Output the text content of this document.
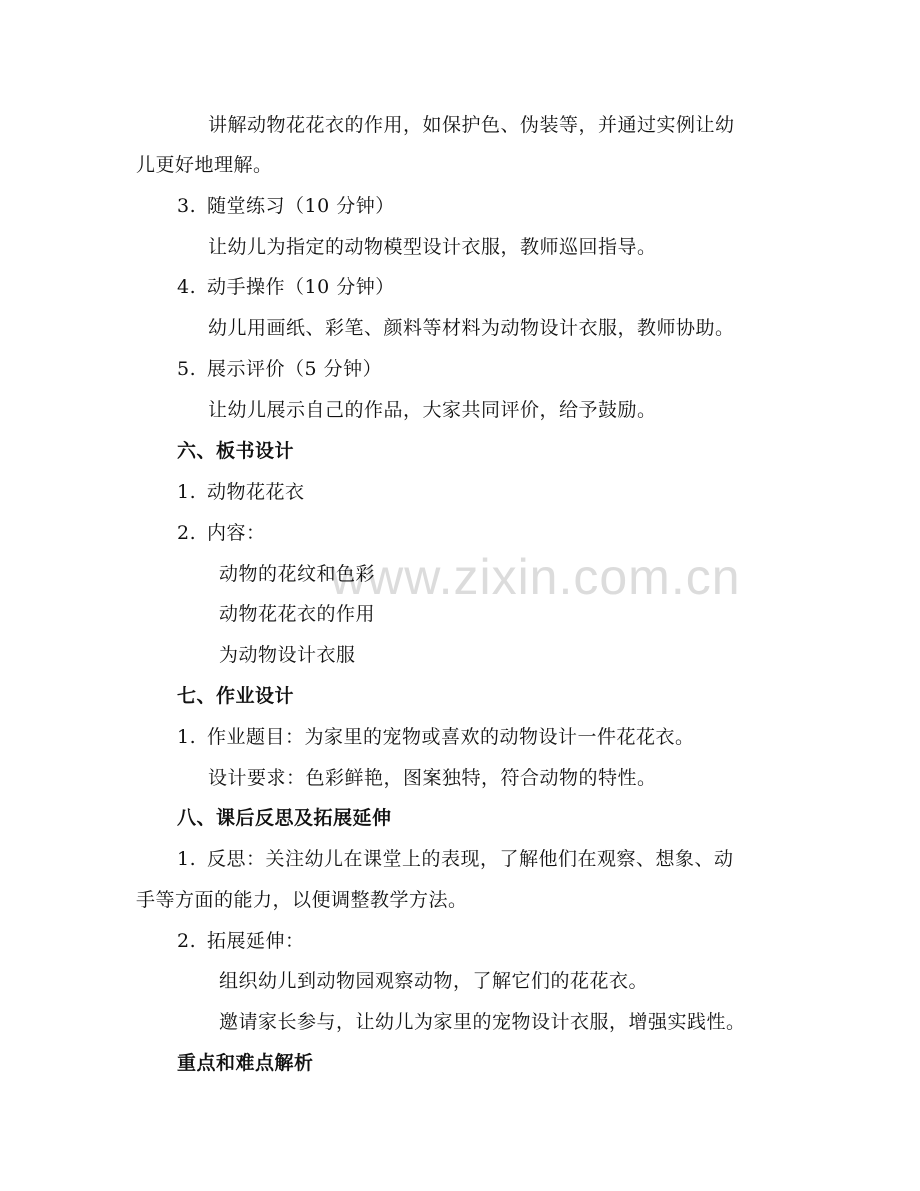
www.zixin.com.cn
讲解动物花花衣的作用，如保护色、伪装等，并通过实例让幼
儿更好地理解。
3. 随堂练习（10 分钟）
让幼儿为指定的动物模型设计衣服，教师巡回指导。
4. 动手操作（10 分钟）
幼儿用画纸、彩笔、颜料等材料为动物设计衣服，教师协助。
5. 展示评价（5 分钟）
让幼儿展示自己的作品，大家共同评价，给予鼓励。
六、板书设计
1. 动物花花衣
2. 内容：
动物的花纹和色彩
动物花花衣的作用
为动物设计衣服
七、作业设计
1. 作业题目：为家里的宠物或喜欢的动物设计一件花花衣。
设计要求：色彩鲜艳，图案独特，符合动物的特性。
八、课后反思及拓展延伸
1. 反思：关注幼儿在课堂上的表现，了解他们在观察、想象、动
手等方面的能力，以便调整教学方法。
2. 拓展延伸：
组织幼儿到动物园观察动物，了解它们的花花衣。
邀请家长参与，让幼儿为家里的宠物设计衣服，增强实践性。
重点和难点解析
